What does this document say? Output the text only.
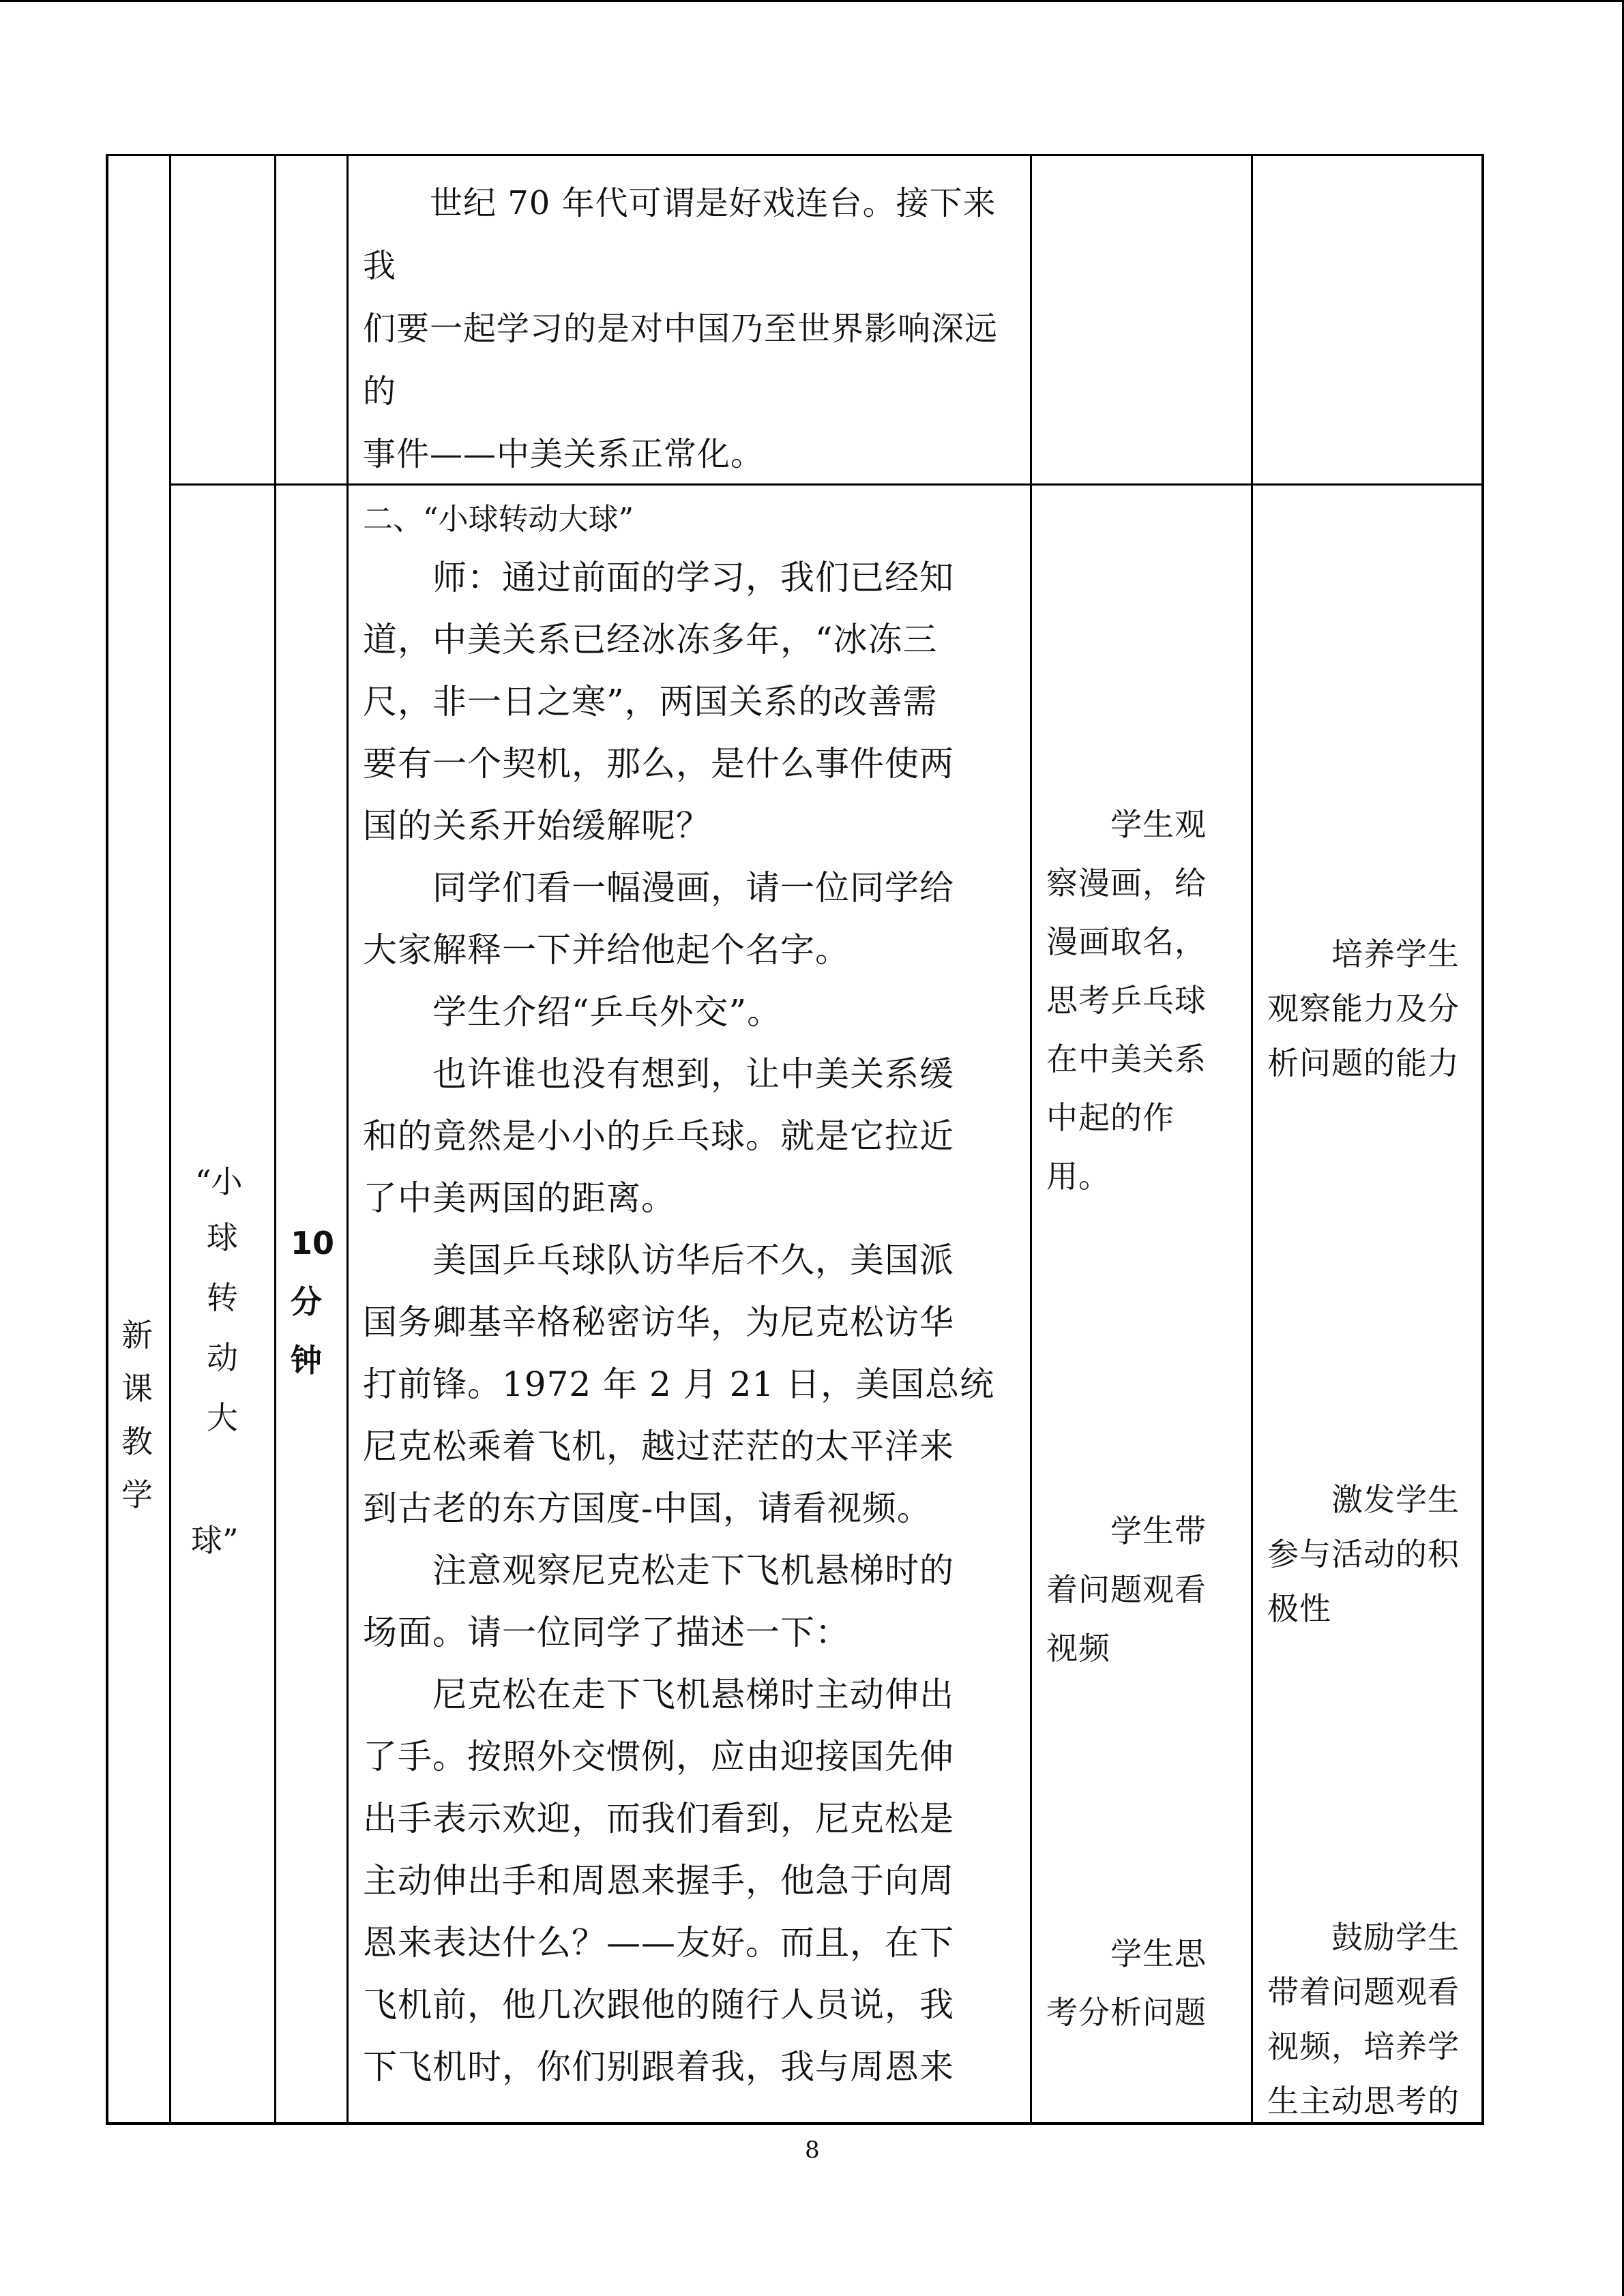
　　世纪 70 年代可谓是好戏连台。接下来我
们要一起学习的是对中国乃至世界影响深远的
事件——中美关系正常化。
新
课
教
学
“小
球
转
动
大
球”
10
分
钟
二、“小球转动大球”
　　师：通过前面的学习，我们已经知
道，中美关系已经冰冻多年，“冰冻三
尺，非一日之寒”，两国关系的改善需
要有一个契机，那么，是什么事件使两
国的关系开始缓解呢？
　　同学们看一幅漫画，请一位同学给
大家解释一下并给他起个名字。
　　学生介绍“乒乓外交”。
　　也许谁也没有想到，让中美关系缓
和的竟然是小小的乒乓球。就是它拉近
了中美两国的距离。
　　美国乒乓球队访华后不久，美国派
国务卿基辛格秘密访华，为尼克松访华
打前锋。1972 年 2 月 21 日，美国总统
尼克松乘着飞机，越过茫茫的太平洋来
到古老的东方国度-中国，请看视频。
　　注意观察尼克松走下飞机悬梯时的
场面。请一位同学了描述一下：
　　尼克松在走下飞机悬梯时主动伸出
了手。按照外交惯例，应由迎接国先伸
出手表示欢迎，而我们看到，尼克松是
主动伸出手和周恩来握手，他急于向周
恩来表达什么？——友好。而且，在下
飞机前，他几次跟他的随行人员说，我
下飞机时，你们别跟着我，我与周恩来
　　学生观
察漫画，给
漫画取名，
思考乒乓球
在中美关系
中起的作
用。
　　学生带
着问题观看
视频
　　学生思
考分析问题
　　培养学生
观察能力及分
析问题的能力
　　激发学生
参与活动的积
极性
　　鼓励学生
带着问题观看
视频，培养学
生主动思考的
8
